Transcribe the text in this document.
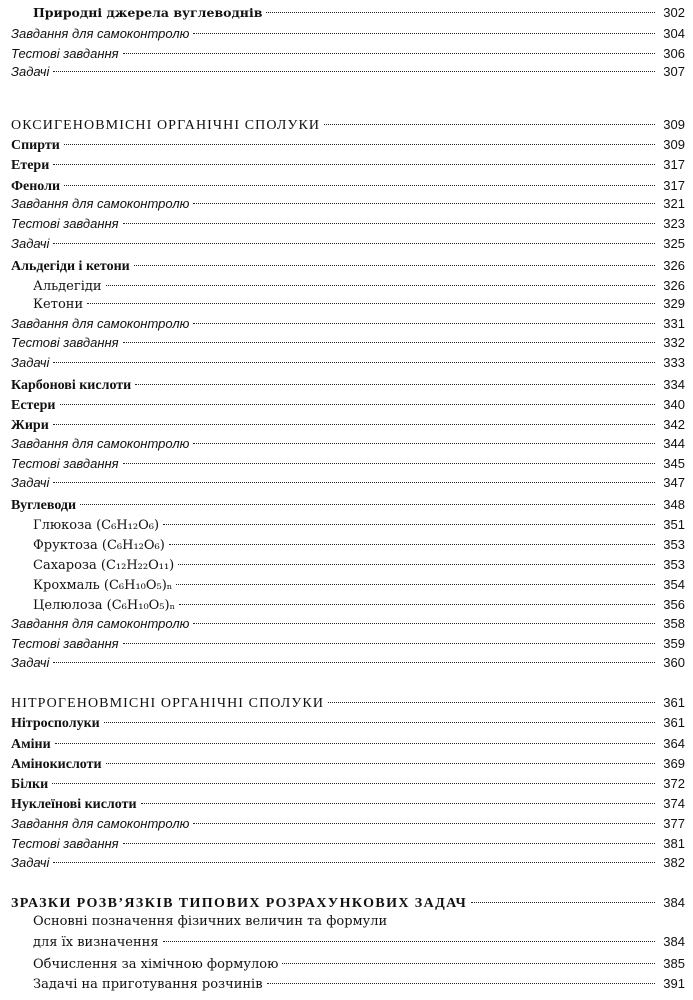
Природні джерела вуглеводнів	302
Завдання для самоконтролю	304
Тестові завдання	306
Задачі	307
ОКСИГЕНОВМІСНІ ОРГАНІЧНІ СПОЛУКИ	309
Спирти	309
Етери	317
Феноли	317
Завдання для самоконтролю	321
Тестові завдання	323
Задачі	325
Альдегіди і кетони	326
Альдегіди	326
Кетони	329
Завдання для самоконтролю	331
Тестові завдання	332
Задачі	333
Карбонові кислоти	334
Естери	340
Жири	342
Завдання для самоконтролю	344
Тестові завдання	345
Задачі	347
Вуглеводи	348
Глюкоза (C₆H₁₂O₆)	351
Фруктоза (C₆H₁₂O₆)	353
Сахароза (C₁₂H₂₂O₁₁)	353
Крохмаль (C₆H₁₀O₅)ₙ	354
Целюлоза (C₆H₁₀O₅)ₙ	356
Завдання для самоконтролю	358
Тестові завдання	359
Задачі	360
НІТРОГЕНОВМІСНІ ОРГАНІЧНІ СПОЛУКИ	361
Нітросполуки	361
Аміни	364
Амінокислоти	369
Білки	372
Нуклеїнові кислоти	374
Завдання для самоконтролю	377
Тестові завдання	381
Задачі	382
ЗРАЗКИ РОЗВ’ЯЗКІВ ТИПОВИХ РОЗРАХУНКОВИХ ЗАДАЧ	384
Основні позначення фізичних величин та формули
для їх визначення	384
Обчислення за хімічною формулою	385
Задачі на приготування розчинів	391
